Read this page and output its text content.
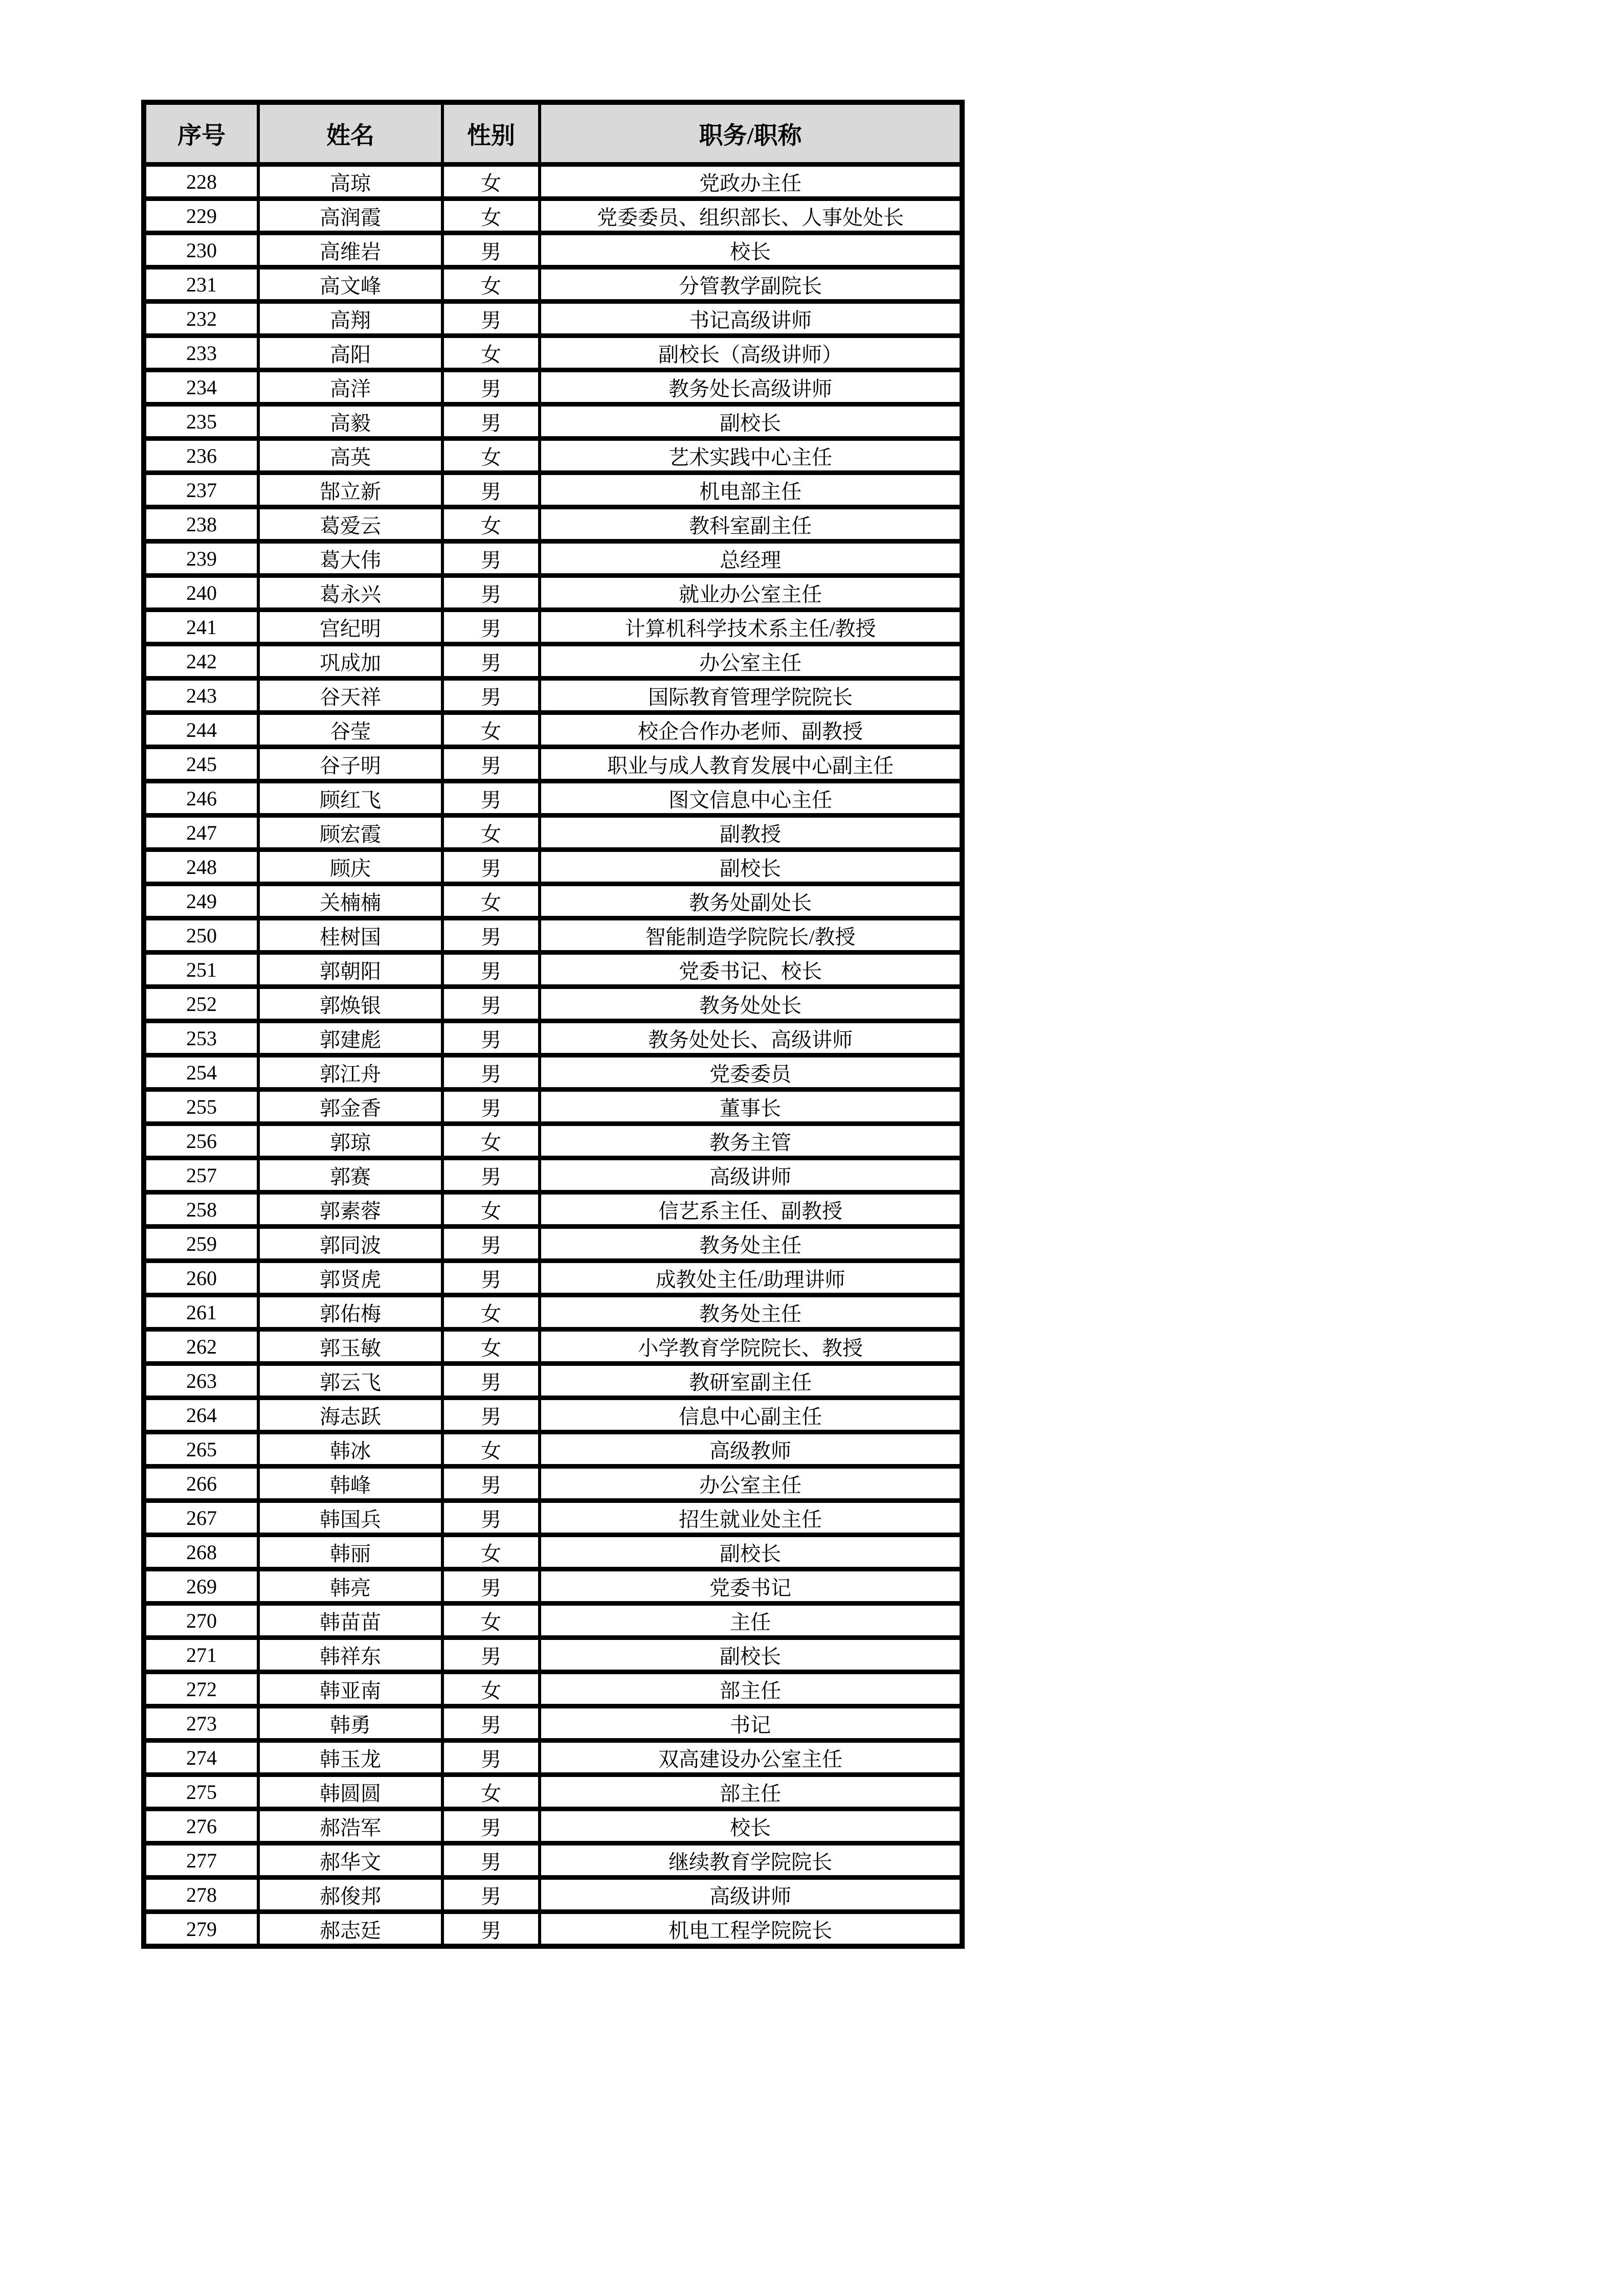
序号	姓名	性别	职务/职称
228	高琼	女	党政办主任
229	高润霞	女	党委委员、组织部长、人事处处长
230	高维岩	男	校长
231	高文峰	女	分管教学副院长
232	高翔	男	书记高级讲师
233	高阳	女	副校长（高级讲师）
234	高洋	男	教务处长高级讲师
235	高毅	男	副校长
236	高英	女	艺术实践中心主任
237	郜立新	男	机电部主任
238	葛爱云	女	教科室副主任
239	葛大伟	男	总经理
240	葛永兴	男	就业办公室主任
241	宫纪明	男	计算机科学技术系主任/教授
242	巩成加	男	办公室主任
243	谷天祥	男	国际教育管理学院院长
244	谷莹	女	校企合作办老师、副教授
245	谷子明	男	职业与成人教育发展中心副主任
246	顾红飞	男	图文信息中心主任
247	顾宏霞	女	副教授
248	顾庆	男	副校长
249	关楠楠	女	教务处副处长
250	桂树国	男	智能制造学院院长/教授
251	郭朝阳	男	党委书记、校长
252	郭焕银	男	教务处处长
253	郭建彪	男	教务处处长、高级讲师
254	郭江舟	男	党委委员
255	郭金香	男	董事长
256	郭琼	女	教务主管
257	郭赛	男	高级讲师
258	郭素蓉	女	信艺系主任、副教授
259	郭同波	男	教务处主任
260	郭贤虎	男	成教处主任/助理讲师
261	郭佑梅	女	教务处主任
262	郭玉敏	女	小学教育学院院长、教授
263	郭云飞	男	教研室副主任
264	海志跃	男	信息中心副主任
265	韩冰	女	高级教师
266	韩峰	男	办公室主任
267	韩国兵	男	招生就业处主任
268	韩丽	女	副校长
269	韩亮	男	党委书记
270	韩苗苗	女	主任
271	韩祥东	男	副校长
272	韩亚南	女	部主任
273	韩勇	男	书记
274	韩玉龙	男	双高建设办公室主任
275	韩圆圆	女	部主任
276	郝浩军	男	校长
277	郝华文	男	继续教育学院院长
278	郝俊邦	男	高级讲师
279	郝志廷	男	机电工程学院院长
